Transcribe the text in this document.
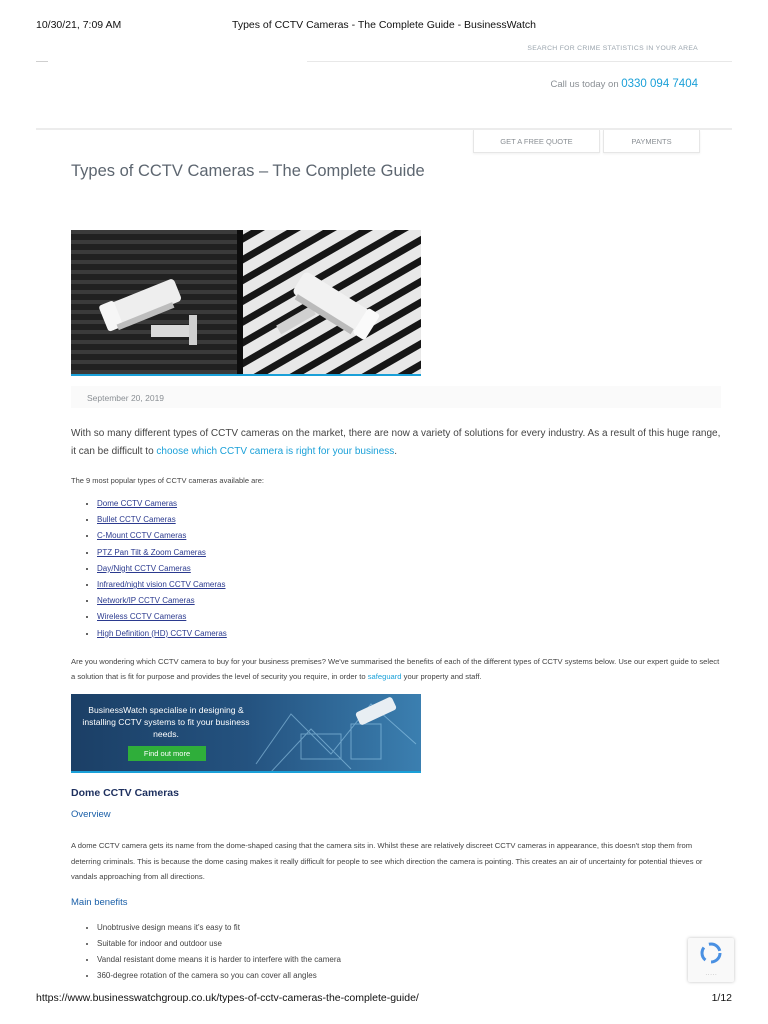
10/30/21, 7:09 AM	Types of CCTV Cameras - The Complete Guide - BusinessWatch
SEARCH FOR CRIME STATISTICS IN YOUR AREA
Call us today on 0330 094 7404
GET A FREE QUOTE	PAYMENTS
Types of CCTV Cameras – The Complete Guide
September 20, 2019

With so many different types of CCTV cameras on the market, there are now a variety of solutions for every industry. As a result of this huge range, it can be difficult to choose which CCTV camera is right for your business.

The 9 most popular types of CCTV cameras available are:
• Dome CCTV Cameras
• Bullet CCTV Cameras
• C-Mount CCTV Cameras
• PTZ Pan Tilt & Zoom Cameras
• Day/Night CCTV Cameras
• Infrared/night vision CCTV Cameras
• Network/IP CCTV Cameras
• Wireless CCTV Cameras
• High Definition (HD) CCTV Cameras

Are you wondering which CCTV camera to buy for your business premises? We've summarised the benefits of each of the different types of CCTV systems below. Use our expert guide to select a solution that is fit for purpose and provides the level of security you require, in order to safeguard your property and staff.

BusinessWatch specialise in designing & installing CCTV systems to fit your business needs.
Find out more
Dome CCTV Cameras
Overview

A dome CCTV camera gets its name from the dome-shaped casing that the camera sits in. Whilst these are relatively discreet CCTV cameras in appearance, this doesn't stop them from deterring criminals. This is because the dome casing makes it really difficult for people to see which direction the camera is pointing. This creates an air of uncertainty for potential thieves or vandals approaching from all directions.

Main benefits
• Unobtrusive design means it's easy to fit
• Suitable for indoor and outdoor use
• Vandal resistant dome means it is harder to interfere with the camera
• 360-degree rotation of the camera so you can cover all angles	· · · · ·
https://www.businesswatchgroup.co.uk/types-of-cctv-cameras-the-complete-guide/	1/12
